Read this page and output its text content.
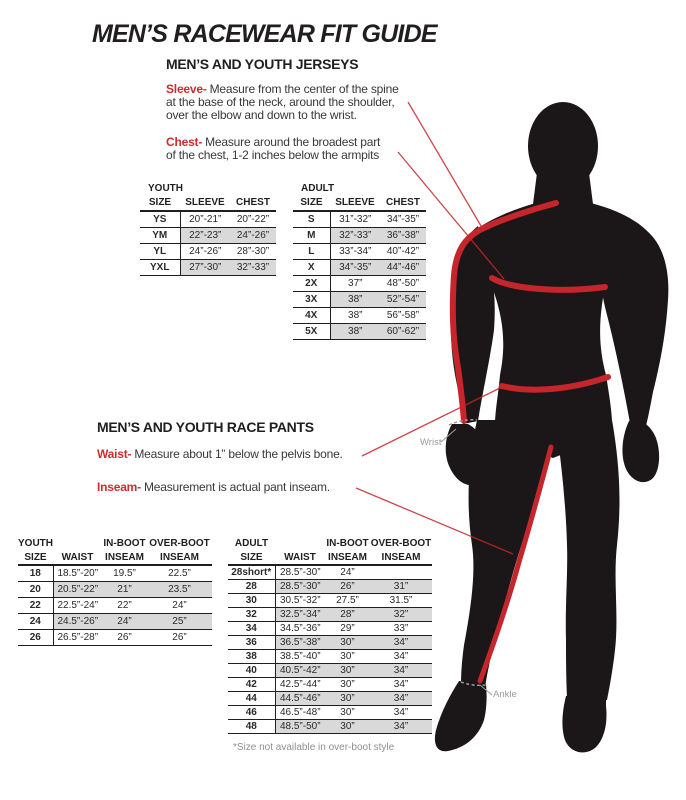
Wrist
Ankle
MEN’S RACEWEAR FIT GUIDE
MEN’S AND YOUTH JERSEYS
Sleeve- Measure from the center of the spine
at the base of the neck, around the shoulder,
over the elbow and down to the wrist.
Chest- Measure around the broadest part
of the chest, 1-2 inches below the armpits
YOUTH		
SIZE	SLEEVE	CHEST
YS	20”-21”	20”-22”
YM	22”-23”	24”-26”
YL	24”-26”	28”-30”
YXL	27”-30”	32”-33”
ADULT		
SIZE	SLEEVE	CHEST
S	31”-32”	34”-35”
M	32”-33”	36”-38”
L	33”-34”	40”-42”
X	34”-35”	44”-46”
2X	37”	48”-50”
3X	38”	52”-54”
4X	38”	56”-58”
5X	38”	60”-62”
MEN’S AND YOUTH RACE PANTS
Waist- Measure about 1” below the pelvis bone.
Inseam- Measurement is actual pant inseam.
YOUTH		IN-BOOT	OVER-BOOT
SIZE	WAIST	INSEAM	INSEAM
18	18.5”-20”	19.5”	22.5”
20	20.5”-22”	21”	23.5”
22	22.5”-24”	22”	24”
24	24.5”-26”	24”	25”
26	26.5”-28”	26”	26”
ADULT		IN-BOOT	OVER-BOOT
SIZE	WAIST	INSEAM	INSEAM
28short*	28.5”-30”	24”	
28	28.5”-30”	26”	31”
30	30.5”-32”	27.5”	31.5”
32	32.5”-34”	28”	32”
34	34.5”-36”	29”	33”
36	36.5”-38”	30”	34”
38	38.5”-40”	30”	34”
40	40.5”-42”	30”	34”
42	42.5”-44”	30”	34”
44	44.5”-46”	30”	34”
46	46.5”-48”	30”	34”
48	48.5”-50”	30”	34”
*Size not available in over-boot style
